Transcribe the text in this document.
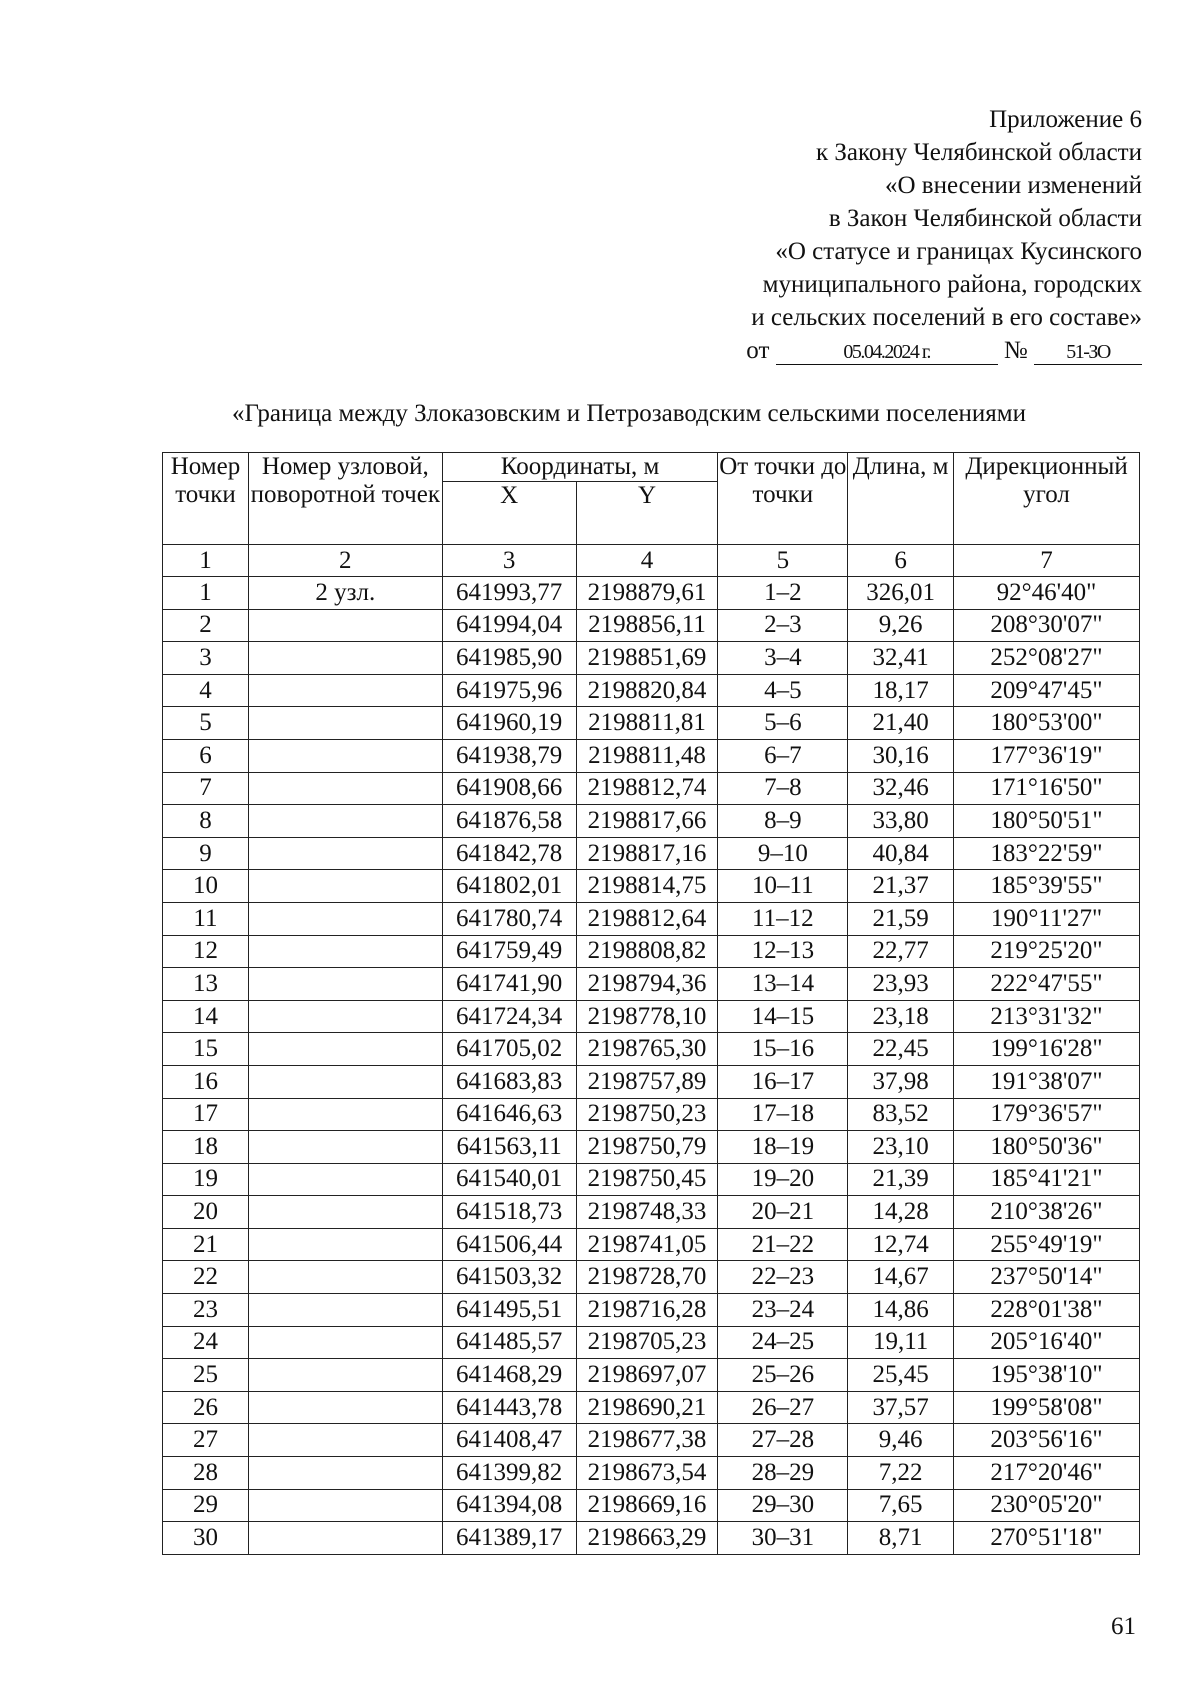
Приложение 6
к Закону Челябинской области
«О внесении изменений
в Закон Челябинской области
«О статусе и границах Кусинского
муниципального района, городских
и сельских поселений в его составе»
от	05.04.2024 г.	№ 51-ЗО
«Граница между Злоказовским и Петрозаводским сельскими поселениями
Номер точки	Номер узловой, поворотной точек	Координаты, м		От точки до точки	Длина, м	Дирекционный угол
		X	Y			
1	2	3	4	5	6	7
1	2 узл.	641993,77	2198879,61	1–2	326,01	92°46'40"
2		641994,04	2198856,11	2–3	9,26	208°30'07"
3		641985,90	2198851,69	3–4	32,41	252°08'27"
4		641975,96	2198820,84	4–5	18,17	209°47'45"
5		641960,19	2198811,81	5–6	21,40	180°53'00"
6		641938,79	2198811,48	6–7	30,16	177°36'19"
7		641908,66	2198812,74	7–8	32,46	171°16'50"
8		641876,58	2198817,66	8–9	33,80	180°50'51"
9		641842,78	2198817,16	9–10	40,84	183°22'59"
10		641802,01	2198814,75	10–11	21,37	185°39'55"
11		641780,74	2198812,64	11–12	21,59	190°11'27"
12		641759,49	2198808,82	12–13	22,77	219°25'20"
13		641741,90	2198794,36	13–14	23,93	222°47'55"
14		641724,34	2198778,10	14–15	23,18	213°31'32"
15		641705,02	2198765,30	15–16	22,45	199°16'28"
16		641683,83	2198757,89	16–17	37,98	191°38'07"
17		641646,63	2198750,23	17–18	83,52	179°36'57"
18		641563,11	2198750,79	18–19	23,10	180°50'36"
19		641540,01	2198750,45	19–20	21,39	185°41'21"
20		641518,73	2198748,33	20–21	14,28	210°38'26"
21		641506,44	2198741,05	21–22	12,74	255°49'19"
22		641503,32	2198728,70	22–23	14,67	237°50'14"
23		641495,51	2198716,28	23–24	14,86	228°01'38"
24		641485,57	2198705,23	24–25	19,11	205°16'40"
25		641468,29	2198697,07	25–26	25,45	195°38'10"
26		641443,78	2198690,21	26–27	37,57	199°58'08"
27		641408,47	2198677,38	27–28	9,46	203°56'16"
28		641399,82	2198673,54	28–29	7,22	217°20'46"
29		641394,08	2198669,16	29–30	7,65	230°05'20"
30		641389,17	2198663,29	30–31	8,71	270°51'18"
61
